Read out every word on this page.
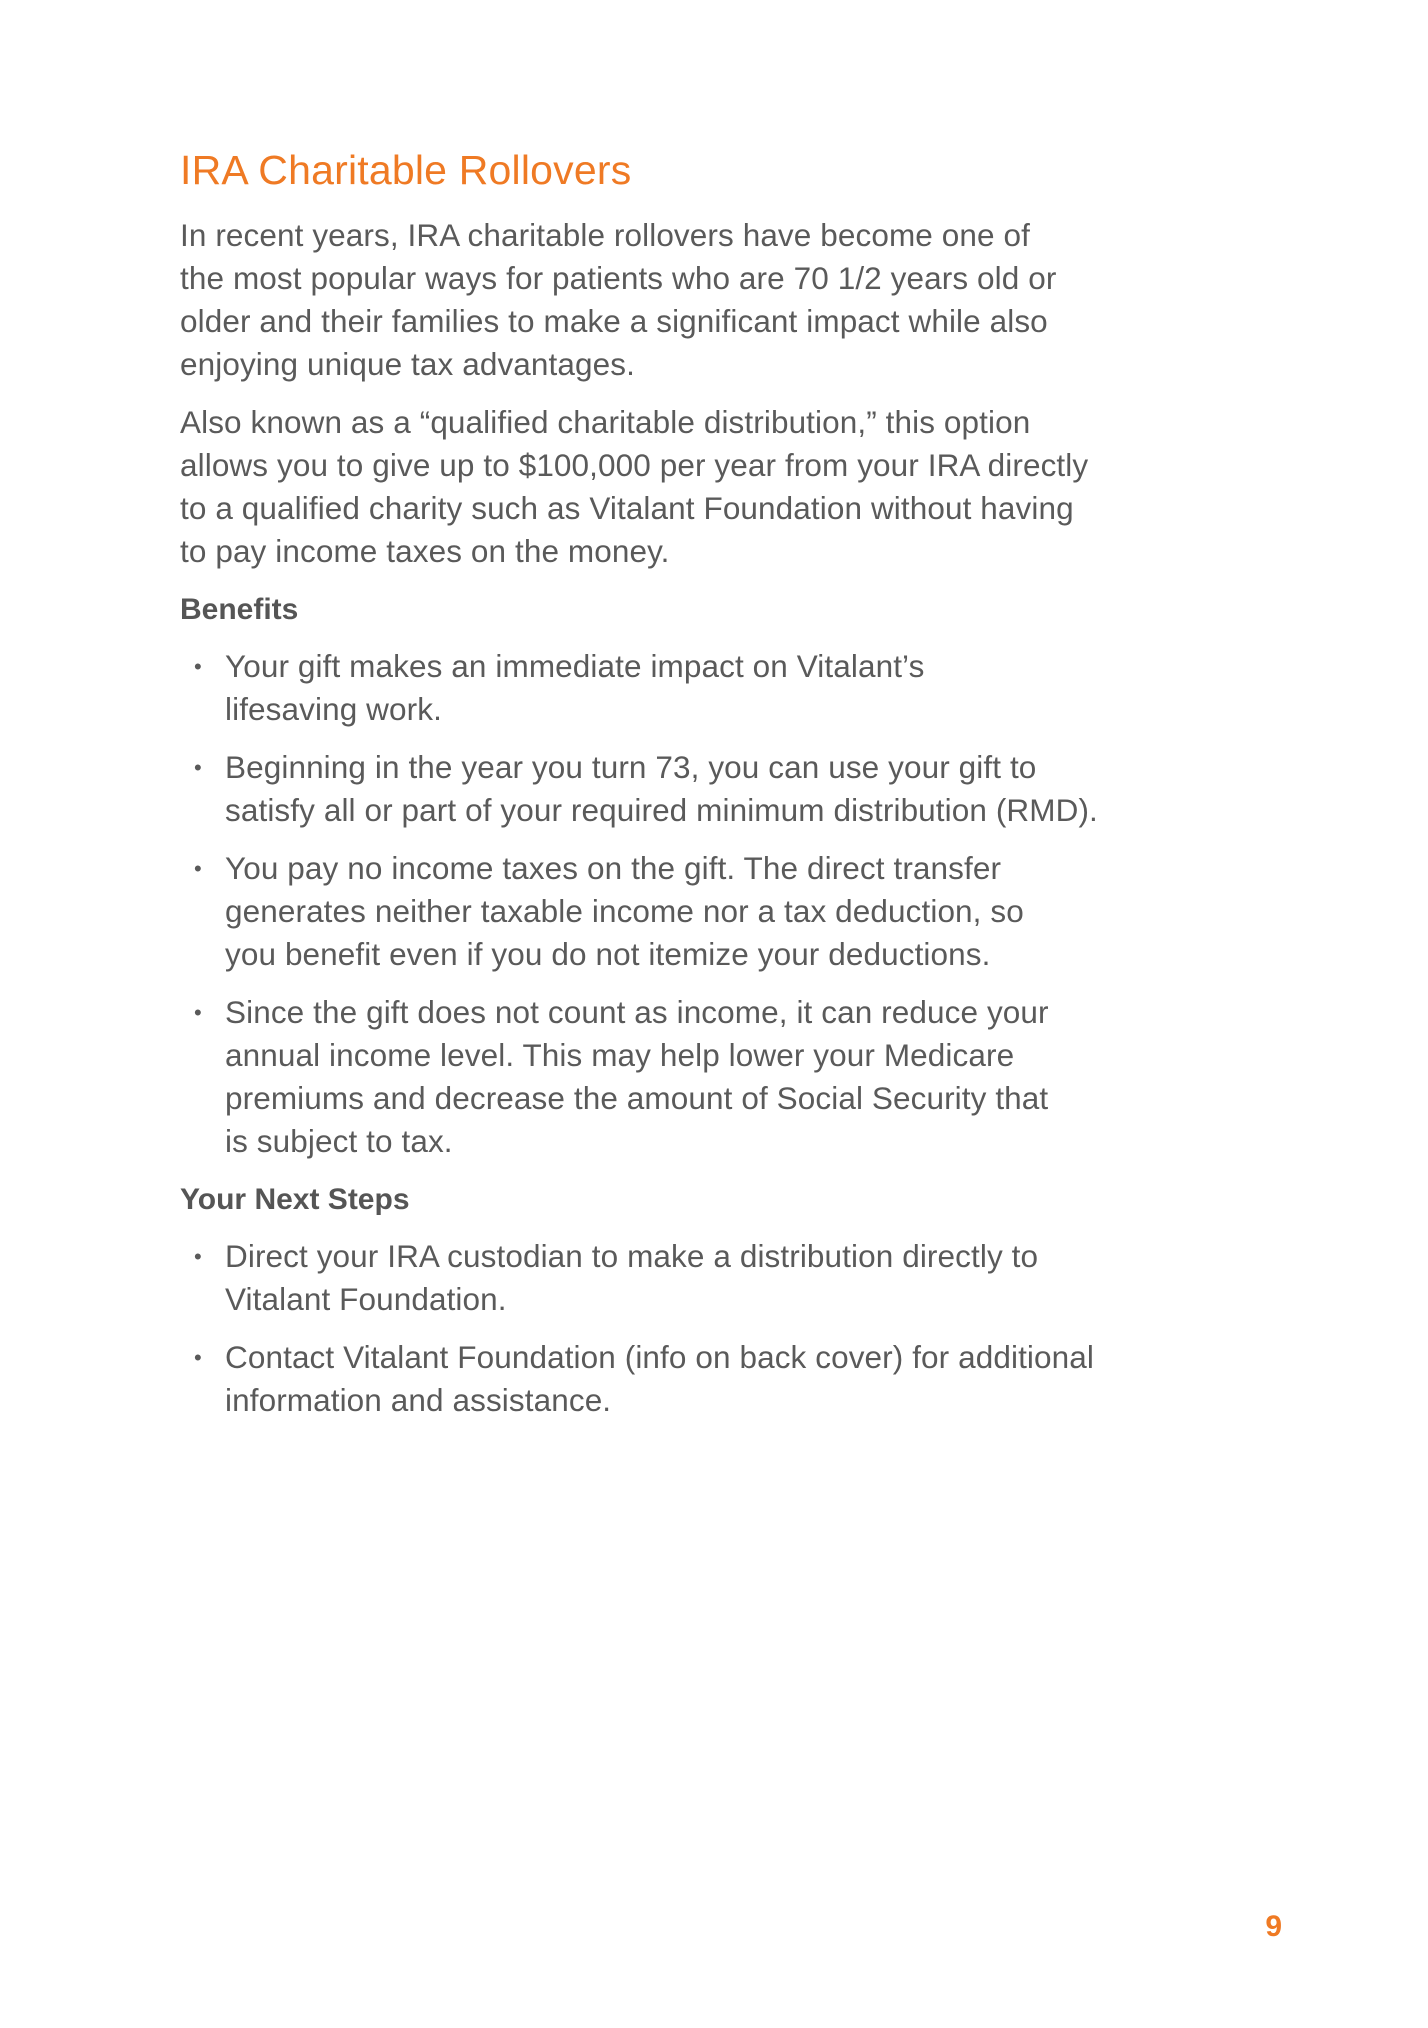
IRA Charitable Rollovers

In recent years, IRA charitable rollovers have become one of
the most popular ways for patients who are 70 1/2 years old or
older and their families to make a significant impact while also
enjoying unique tax advantages.

Also known as a “qualified charitable distribution,” this option
allows you to give up to $100,000 per year from your IRA directly
to a qualified charity such as Vitalant Foundation without having
to pay income taxes on the money.

Benefits
• Your gift makes an immediate impact on Vitalant’s
lifesaving work.
• Beginning in the year you turn 73, you can use your gift to
satisfy all or part of your required minimum distribution (RMD).
• You pay no income taxes on the gift. The direct transfer
generates neither taxable income nor a tax deduction, so
you benefit even if you do not itemize your deductions.
• Since the gift does not count as income, it can reduce your
annual income level. This may help lower your Medicare
premiums and decrease the amount of Social Security that
is subject to tax.
Your Next Steps
• Direct your IRA custodian to make a distribution directly to
Vitalant Foundation.
• Contact Vitalant Foundation (info on back cover) for additional
information and assistance.
9
